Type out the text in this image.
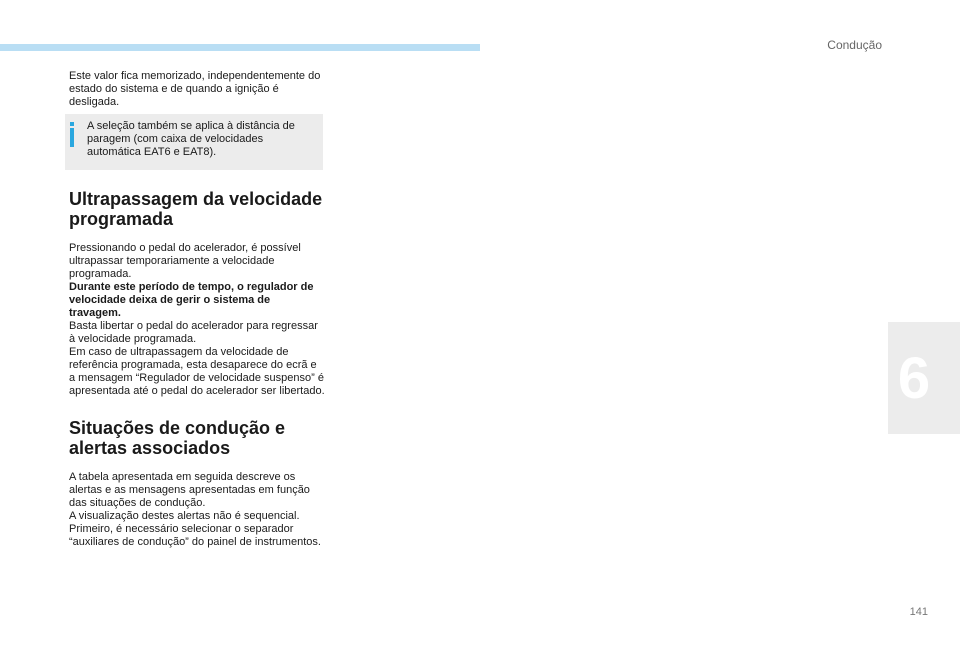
Condução
6

Este valor fica memorizado, independentemente do estado do sistema e de quando a ignição é desligada.

A seleção também se aplica à distância de paragem (com caixa de velocidades automática EAT6 e EAT8).

Ultrapassagem da velocidade programada

Pressionando o pedal do acelerador, é possível ultrapassar temporariamente a velocidade programada.

Durante este período de tempo, o regulador de velocidade deixa de gerir o sistema de travagem.

Basta libertar o pedal do acelerador para regressar à velocidade programada.

Em caso de ultrapassagem da velocidade de referência programada, esta desaparece do ecrã e a mensagem “Regulador de velocidade suspenso” é apresentada até o pedal do acelerador ser libertado.

Situações de condução e alertas associados

A tabela apresentada em seguida descreve os alertas e as mensagens apresentadas em função das situações de condução.

A visualização destes alertas não é sequencial. Primeiro, é necessário selecionar o separador “auxiliares de condução” do painel de instrumentos.

141
